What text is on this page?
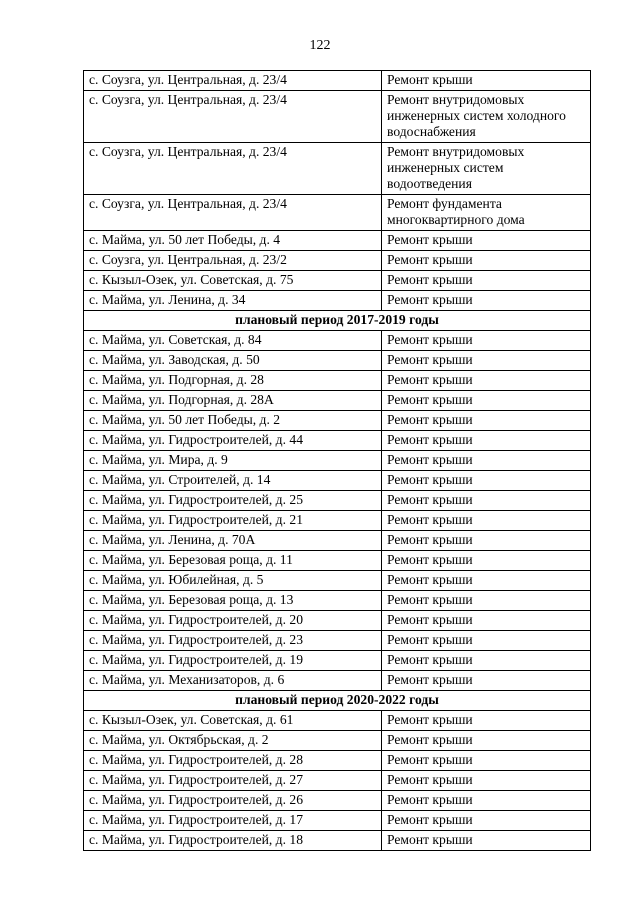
122
с. Соузга, ул. Центральная, д. 23/4	Ремонт крыши
с. Соузга, ул. Центральная, д. 23/4	Ремонт внутридомовых инженерных систем холодного водоснабжения
с. Соузга, ул. Центральная, д. 23/4	Ремонт внутридомовых инженерных систем водоотведения
с. Соузга, ул. Центральная, д. 23/4	Ремонт фундамента многоквартирного дома
с. Майма, ул. 50 лет Победы, д. 4	Ремонт крыши
с. Соузга, ул. Центральная, д. 23/2	Ремонт крыши
с. Кызыл-Озек, ул. Советская, д. 75	Ремонт крыши
с. Майма, ул. Ленина, д. 34	Ремонт крыши
плановый период 2017-2019 годы	
с. Майма, ул. Советская, д. 84	Ремонт крыши
с. Майма, ул. Заводская, д. 50	Ремонт крыши
с. Майма, ул. Подгорная, д. 28	Ремонт крыши
с. Майма, ул. Подгорная, д. 28А	Ремонт крыши
с. Майма, ул. 50 лет Победы, д. 2	Ремонт крыши
с. Майма, ул. Гидростроителей, д. 44	Ремонт крыши
с. Майма, ул. Мира, д. 9	Ремонт крыши
с. Майма, ул. Строителей, д. 14	Ремонт крыши
с. Майма, ул. Гидростроителей, д. 25	Ремонт крыши
с. Майма, ул. Гидростроителей, д. 21	Ремонт крыши
с. Майма, ул. Ленина, д. 70А	Ремонт крыши
с. Майма, ул. Березовая роща, д. 11	Ремонт крыши
с. Майма, ул. Юбилейная, д. 5	Ремонт крыши
с. Майма, ул. Березовая роща, д. 13	Ремонт крыши
с. Майма, ул. Гидростроителей, д. 20	Ремонт крыши
с. Майма, ул. Гидростроителей, д. 23	Ремонт крыши
с. Майма, ул. Гидростроителей, д. 19	Ремонт крыши
с. Майма, ул. Механизаторов, д. 6	Ремонт крыши
плановый период 2020-2022 годы	
с. Кызыл-Озек, ул. Советская, д. 61	Ремонт крыши
с. Майма, ул. Октябрьская, д. 2	Ремонт крыши
с. Майма, ул. Гидростроителей, д. 28	Ремонт крыши
с. Майма, ул. Гидростроителей, д. 27	Ремонт крыши
с. Майма, ул. Гидростроителей, д. 26	Ремонт крыши
с. Майма, ул. Гидростроителей, д. 17	Ремонт крыши
с. Майма, ул. Гидростроителей, д. 18	Ремонт крыши
